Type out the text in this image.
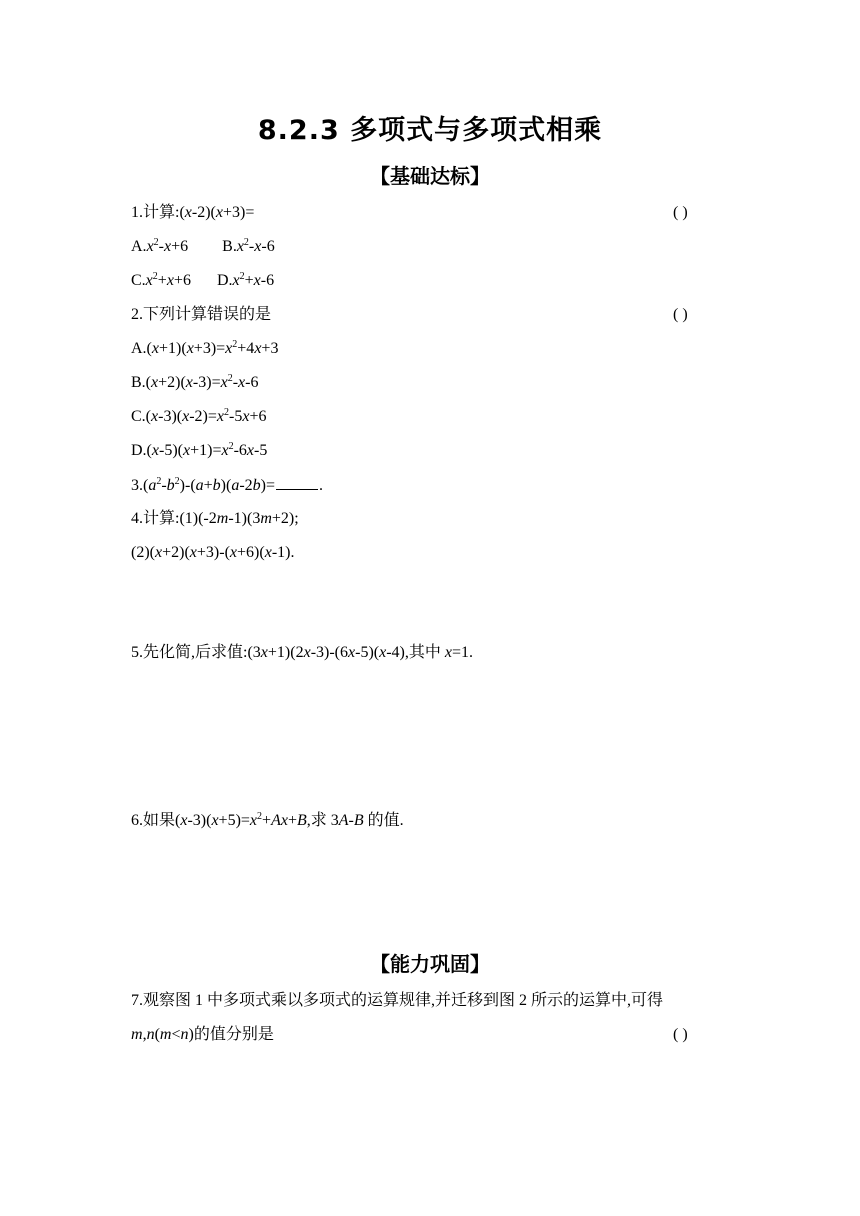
8.2.3 多项式与多项式相乘
【基础达标】
1.计算:(x-2)(x+3)=	( )
$A.x^2-x+6$ $B.x^2-x-6$
$C.x^2+x+6$ $D.x^2+x-6$
2.下列计算错误的是	( )
$A.(x+1)(x+3)=x^2+4x+3$
$B.(x+2)(x-3)=x^2-x-6$
$C.(x-3)(x-2)=x^2-5x+6$
$D.(x-5)(x+1)=x^2-6x-5$
$3.(a^2-b^2)-(a+b)(a-2b)=$	.
4.计算:(1)(-2m-1)(3m+2);
(2)(x+2)(x+3)-(x+6)(x-1).
5.先化简,后求值:(3x+1)(2x-3)-(6x-5)(x-4),其中 x=1.
6.如果$(x-3)(x+5)=x^2+Ax+B$,求 3A-B 的值.
【能力巩固】
7.观察图 1 中多项式乘以多项式的运算规律,并迁移到图 2 所示的运算中,可得
m,n(m<n)的值分别是	( )
